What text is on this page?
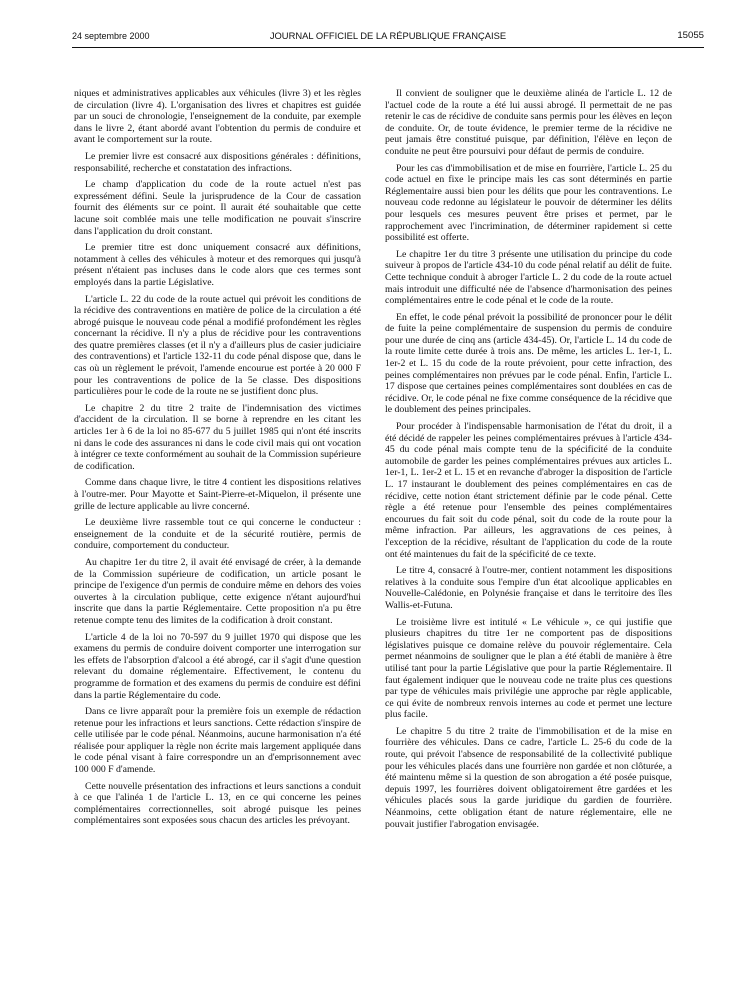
24 septembre 2000	JOURNAL OFFICIEL DE LA RÉPUBLIQUE FRANÇAISE	15055

niques et administratives applicables aux véhicules (livre 3) et les règles de circulation (livre 4). L'organisation des livres et chapitres est guidée par un souci de chronologie, l'enseignement de la conduite, par exemple dans le livre 2, étant abordé avant l'obtention du permis de conduire et avant le comportement sur la route.

Le premier livre est consacré aux dispositions générales : définitions, responsabilité, recherche et constatation des infractions.

Le champ d'application du code de la route actuel n'est pas expressément défini. Seule la jurisprudence de la Cour de cassation fournit des éléments sur ce point. Il aurait été souhaitable que cette lacune soit comblée mais une telle modification ne pouvait s'inscrire dans l'application du droit constant.

Le premier titre est donc uniquement consacré aux définitions, notamment à celles des véhicules à moteur et des remorques qui jusqu'à présent n'étaient pas incluses dans le code alors que ces termes sont employés dans la partie Législative.

L'article L. 22 du code de la route actuel qui prévoit les conditions de la récidive des contraventions en matière de police de la circulation a été abrogé puisque le nouveau code pénal a modifié profondément les règles concernant la récidive. Il n'y a plus de récidive pour les contraventions des quatre premières classes (et il n'y a d'ailleurs plus de casier judiciaire des contraventions) et l'article 132-11 du code pénal dispose que, dans le cas où un règlement le prévoit, l'amende encourue est portée à 20 000 F pour les contraventions de police de la 5e classe. Des dispositions particulières pour le code de la route ne se justifient donc plus.

Le chapitre 2 du titre 2 traite de l'indemnisation des victimes d'accident de la circulation. Il se borne à reprendre en les citant les articles 1er à 6 de la loi no 85-677 du 5 juillet 1985 qui n'ont été inscrits ni dans le code des assurances ni dans le code civil mais qui ont vocation à intégrer ce texte conformément au souhait de la Commission supérieure de codification.

Comme dans chaque livre, le titre 4 contient les dispositions relatives à l'outre-mer. Pour Mayotte et Saint-Pierre-et-Miquelon, il présente une grille de lecture applicable au livre concerné.

Le deuxième livre rassemble tout ce qui concerne le conducteur : enseignement de la conduite et de la sécurité routière, permis de conduire, comportement du conducteur.

Au chapitre 1er du titre 2, il avait été envisagé de créer, à la demande de la Commission supérieure de codification, un article posant le principe de l'exigence d'un permis de conduire même en dehors des voies ouvertes à la circulation publique, cette exigence n'étant aujourd'hui inscrite que dans la partie Réglementaire. Cette proposition n'a pu être retenue compte tenu des limites de la codification à droit constant.

L'article 4 de la loi no 70-597 du 9 juillet 1970 qui dispose que les examens du permis de conduire doivent comporter une interrogation sur les effets de l'absorption d'alcool a été abrogé, car il s'agit d'une question relevant du domaine réglementaire. Effectivement, le contenu du programme de formation et des examens du permis de conduire est défini dans la partie Réglementaire du code.

Dans ce livre apparaît pour la première fois un exemple de rédaction retenue pour les infractions et leurs sanctions. Cette rédaction s'inspire de celle utilisée par le code pénal. Néanmoins, aucune harmonisation n'a été réalisée pour appliquer la règle non écrite mais largement appliquée dans le code pénal visant à faire correspondre un an d'emprisonnement avec 100 000 F d'amende.

Cette nouvelle présentation des infractions et leurs sanctions a conduit à ce que l'alinéa 1 de l'article L. 13, en ce qui concerne les peines complémentaires correctionnelles, soit abrogé puisque les peines complémentaires sont exposées sous chacun des articles les prévoyant.

Il convient de souligner que le deuxième alinéa de l'article L. 12 de l'actuel code de la route a été lui aussi abrogé. Il permettait de ne pas retenir le cas de récidive de conduite sans permis pour les élèves en leçon de conduite. Or, de toute évidence, le premier terme de la récidive ne peut jamais être constitué puisque, par définition, l'élève en leçon de conduite ne peut être poursuivi pour défaut de permis de conduire.

Pour les cas d'immobilisation et de mise en fourrière, l'article L. 25 du code actuel en fixe le principe mais les cas sont déterminés en partie Réglementaire aussi bien pour les délits que pour les contraventions. Le nouveau code redonne au législateur le pouvoir de déterminer les délits pour lesquels ces mesures peuvent être prises et permet, par le rapprochement avec l'incrimination, de déterminer rapidement si cette possibilité est offerte.

Le chapitre 1er du titre 3 présente une utilisation du principe du code suiveur à propos de l'article 434-10 du code pénal relatif au délit de fuite. Cette technique conduit à abroger l'article L. 2 du code de la route actuel mais introduit une difficulté née de l'absence d'harmonisation des peines complémentaires entre le code pénal et le code de la route.

En effet, le code pénal prévoit la possibilité de prononcer pour le délit de fuite la peine complémentaire de suspension du permis de conduire pour une durée de cinq ans (article 434-45). Or, l'article L. 14 du code de la route limite cette durée à trois ans. De même, les articles L. 1er-1, L. 1er-2 et L. 15 du code de la route prévoient, pour cette infraction, des peines complémentaires non prévues par le code pénal. Enfin, l'article L. 17 dispose que certaines peines complémentaires sont doublées en cas de récidive. Or, le code pénal ne fixe comme conséquence de la récidive que le doublement des peines principales.

Pour procéder à l'indispensable harmonisation de l'état du droit, il a été décidé de rappeler les peines complémentaires prévues à l'article 434-45 du code pénal mais compte tenu de la spécificité de la conduite automobile de garder les peines complémentaires prévues aux articles L. 1er-1, L. 1er-2 et L. 15 et en revanche d'abroger la disposition de l'article L. 17 instaurant le doublement des peines complémentaires en cas de récidive, cette notion étant strictement définie par le code pénal. Cette règle a été retenue pour l'ensemble des peines complémentaires encourues du fait soit du code pénal, soit du code de la route pour la même infraction. Par ailleurs, les aggravations de ces peines, à l'exception de la récidive, résultant de l'application du code de la route ont été maintenues du fait de la spécificité de ce texte.

Le titre 4, consacré à l'outre-mer, contient notamment les dispositions relatives à la conduite sous l'empire d'un état alcoolique applicables en Nouvelle-Calédonie, en Polynésie française et dans le territoire des îles Wallis-et-Futuna.

Le troisième livre est intitulé « Le véhicule », ce qui justifie que plusieurs chapitres du titre 1er ne comportent pas de dispositions législatives puisque ce domaine relève du pouvoir réglementaire. Cela permet néanmoins de souligner que le plan a été établi de manière à être utilisé tant pour la partie Législative que pour la partie Réglementaire. Il faut également indiquer que le nouveau code ne traite plus ces questions par type de véhicules mais privilégie une approche par règle applicable, ce qui évite de nombreux renvois internes au code et permet une lecture plus facile.

Le chapitre 5 du titre 2 traite de l'immobilisation et de la mise en fourrière des véhicules. Dans ce cadre, l'article L. 25-6 du code de la route, qui prévoit l'absence de responsabilité de la collectivité publique pour les véhicules placés dans une fourrière non gardée et non clôturée, a été maintenu même si la question de son abrogation a été posée puisque, depuis 1997, les fourrières doivent obligatoirement être gardées et les véhicules placés sous la garde juridique du gardien de fourrière. Néanmoins, cette obligation étant de nature réglementaire, elle ne pouvait justifier l'abrogation envisagée.
